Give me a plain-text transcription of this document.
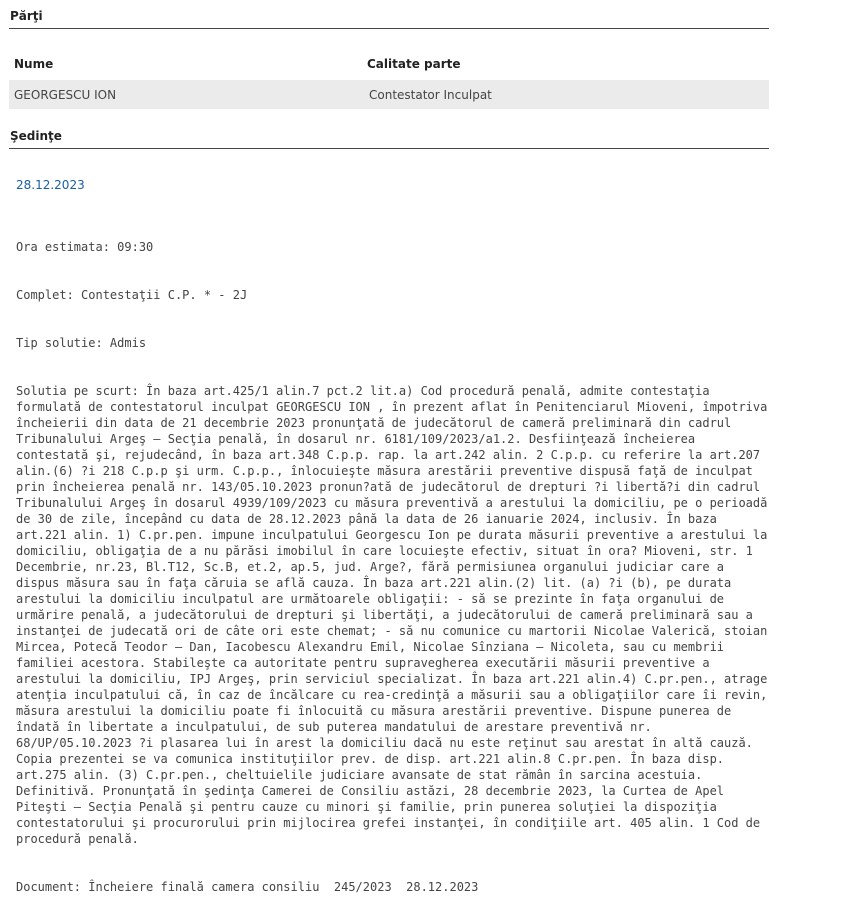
Părţi
Nume	Calitate parte
GEORGESCU ION	Contestator Inculpat
Şedinţe
28.12.2023

Ora estimata: 09:30

Complet: Contestaţii C.P. * - 2J

Tip solutie: Admis

Solutia pe scurt: În baza art.425/1 alin.7 pct.2 lit.a) Cod procedură penală, admite contestaţia formulată de contestatorul inculpat GEORGESCU ION , în prezent aflat în Penitenciarul Mioveni, împotriva încheierii din data de 21 decembrie 2023 pronunţată de judecătorul de cameră preliminară din cadrul Tribunalului Argeş – Secţia penală, în dosarul nr. 6181/109/2023/a1.2. Desfiinţează încheierea contestată şi, rejudecând, în baza art.348 C.p.p. rap. la art.242 alin. 2 C.p.p. cu referire la art.207 alin.(6) ?i 218 C.p.p şi urm. C.p.p., înlocuieşte măsura arestării preventive dispusă faţă de inculpat prin încheierea penală nr. 143/05.10.2023 pronun?ată de judecătorul de drepturi ?i libertă?i din cadrul Tribunalului Argeş în dosarul 4939/109/2023 cu măsura preventivă a arestului la domiciliu, pe o perioadă de 30 de zile, începând cu data de 28.12.2023 până la data de 26 ianuarie 2024, inclusiv. În baza art.221 alin. 1) C.pr.pen. impune inculpatului Georgescu Ion pe durata măsurii preventive a arestului la domiciliu, obligaţia de a nu părăsi imobilul în care locuieşte efectiv, situat în ora? Mioveni, str. 1 Decembrie, nr.23, Bl.T12, Sc.B, et.2, ap.5, jud. Arge?, fără permisiunea organului judiciar care a dispus măsura sau în faţa căruia se află cauza. În baza art.221 alin.(2) lit. (a) ?i (b), pe durata arestului la domiciliu inculpatul are următoarele obligaţii: - să se prezinte în faţa organului de urmărire penală, a judecătorului de drepturi şi libertăţi, a judecătorului de cameră preliminară sau a instanţei de judecată ori de câte ori este chemat; - să nu comunice cu martorii Nicolae Valerică, stoian Mircea, Potecă Teodor – Dan, Iacobescu Alexandru Emil, Nicolae Sînziana – Nicoleta, sau cu membrii familiei acestora. Stabileşte ca autoritate pentru supravegherea executării măsurii preventive a arestului la domiciliu, IPJ Argeş, prin serviciul specializat. În baza art.221 alin.4) C.pr.pen., atrage atenţia inculpatului că, în caz de încălcare cu rea-credinţă a măsurii sau a obligaţiilor care îi revin, măsura arestului la domiciliu poate fi înlocuită cu măsura arestării preventive. Dispune punerea de îndată în libertate a inculpatului, de sub puterea mandatului de arestare preventivă nr. 68/UP/05.10.2023 ?i plasarea lui în arest la domiciliu dacă nu este reţinut sau arestat în altă cauză. Copia prezentei se va comunica instituţiilor prev. de disp. art.221 alin.8 C.pr.pen. În baza disp. art.275 alin. (3) C.pr.pen., cheltuielile judiciare avansate de stat rămân în sarcina acestuia. Definitivă. Pronunţată în şedinţa Camerei de Consiliu astăzi, 28 decembrie 2023, la Curtea de Apel Piteşti – Secţia Penală şi pentru cauze cu minori şi familie, prin punerea soluţiei la dispoziţia contestatorului şi procurorului prin mijlocirea grefei instanţei, în condiţiile art. 405 alin. 1 Cod de procedură penală.

Document: Încheiere finală camera consiliu  245/2023  28.12.2023
